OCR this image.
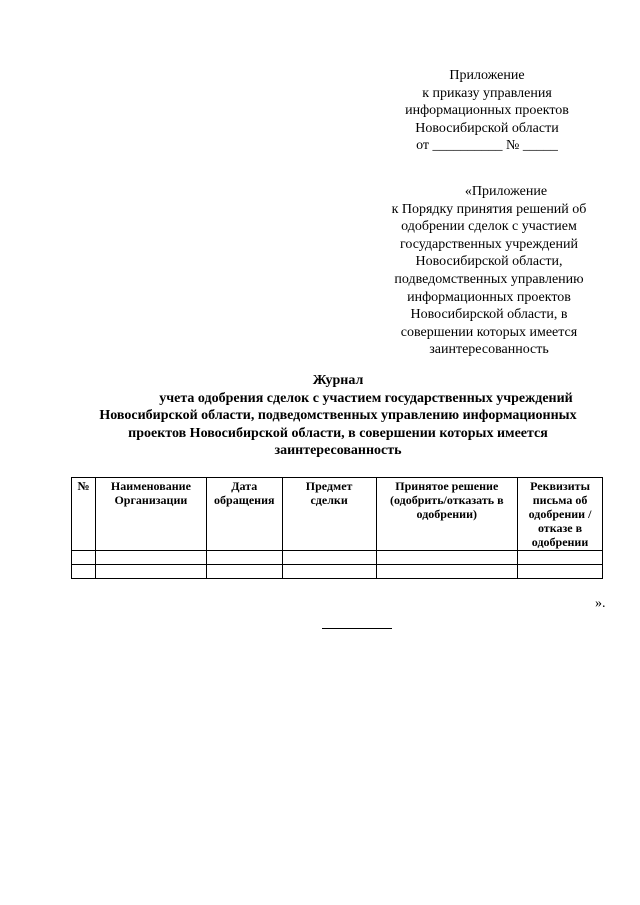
Приложение
к приказу управления
информационных проектов
Новосибирской области
от __________ № _____
«Приложение
к Порядку принятия решений об
одобрении сделок с участием
государственных учреждений
Новосибирской области,
подведомственных управлению
информационных проектов
Новосибирской области, в
совершении которых имеется
заинтересованность
Журнал
учета одобрения сделок с участием государственных учреждений
Новосибирской области, подведомственных управлению информационных
проектов Новосибирской области, в совершении которых имеется
заинтересованность
№	Наименование Организации	Дата обращения	Предмет сделки	Принятое решение (одобрить/отказать в одобрении)	Реквизиты письма об одобрении / отказе в одобрении

».
